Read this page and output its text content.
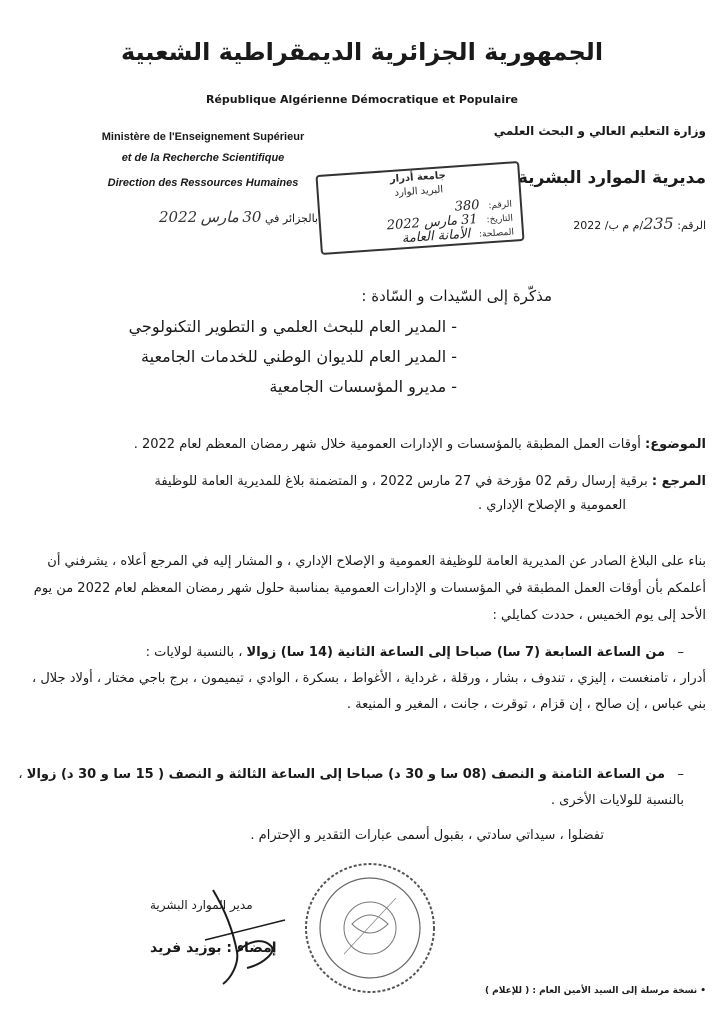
الجمهورية الجزائرية الديمقراطية الشعبية
République Algérienne Démocratique et Populaire
Ministère de l'Enseignement Supérieur
et de la Recherche Scientifique
Direction des Ressources Humaines
وزارة التعليم العالي و البحث العلمي
مديرية الموارد البشرية
الرقم: 235/م م ب/ 2022
بالجزائر في 30 مارس 2022
جامعة أدرار
البريد الوارد
الرقم: 380
التاريخ: 31 مارس 2022
المصلحة: الأمانة العامة
مذكّرة إلى السّيدات و السّادة :
- المدير العام للبحث العلمي و التطوير التكنولوجي
- المدير العام للديوان الوطني للخدمات الجامعية
- مديرو المؤسسات الجامعية
الموضوع: أوقات العمل المطبقة بالمؤسسات و الإدارات العمومية خلال شهر رمضان المعظم لعام 2022 .
المرجع : برقية إرسال رقم 02 مؤرخة في 27 مارس 2022 ، و المتضمنة بلاغ للمديرية العامة للوظيفة
العمومية و الإصلاح الإداري .
بناء على البلاغ الصادر عن المديرية العامة للوظيفة العمومية و الإصلاح الإداري ، و المشار إليه في المرجع أعلاه ، يشرفني أن أعلمكم بأن أوقات العمل المطبقة في المؤسسات و الإدارات العمومية بمناسبة حلول شهر رمضان المعظم لعام 2022 من يوم الأحد إلى يوم الخميس ، حددت كمايلي :
–   من الساعة السابعة (7 سا) صباحا إلى الساعة الثانية (14 سا) زوالا ، بالنسبة لولايات :
أدرار ، تامنغست ، إليزي ، تندوف ، بشار ، ورقلة ، غرداية ، الأغواط ، بسكرة ، الوادي ، تيميمون ، برج باجي مختار ، أولاد جلال ، بني عباس ، إن صالح ، إن قزام ، توقرت ، جانت ، المغير و المنيعة .
–   من الساعة الثامنة و النصف (08 سا و 30 د) صباحا إلى الساعة الثالثة و النصف ( 15 سا و 30 د) زوالا ، بالنسبة للولايات الأخرى .
تفضلوا ، سيداتي سادتي ، بقبول أسمى عبارات التقدير و الإحترام .
مدير الموارد البشرية
إمضاء : بوزيد فريد
• نسخة مرسلة إلى السيد الأمين العام : ( للإعلام )
